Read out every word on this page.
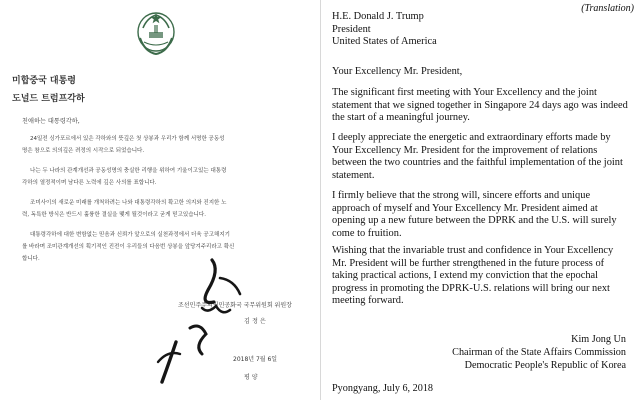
미합중국 대통령
도널드 트럼프각하
친애하는 대통령각하,
24일전 싱가포르에서 있은 각하와의 뜻깊은 첫 상봉과 우리가 함께 서명한 공동성
명은 참으로 의의깊은 려정의 시작으로 되었습니다.
나는 두 나라의 관계개선과 공동성명의 충실한 리행을 위하여 기울이고있는 대통령
각하의 열정적이며 남다른 노력에 깊은 사의를 표합니다.
조미사이의 새로운 미래를 개척하려는 나와 대통령각하의 확고한 의지와 진지한 노
력, 독특한 방식은 반드시 훌륭한 결실을 맺게 될것이라고 굳게 믿고있습니다.
대통령각하에 대한 변함없는 믿음과 신뢰가 앞으로의 실천과정에서 더욱 공고해지기
를 바라며 조미관계개선의 획기적인 진전이 우리들의 다음번 상봉을 앞당겨주리라고 확신
합니다.
조선민주주의인민공화국 국무위원회 위원장
김 정 은
2018년 7월 6일
평 양
(Translation)

H.E. Donald J. Trump

President

United States of America

Your Excellency Mr. President,
The significant first meeting with Your Excellency and the joint statement that we signed together in Singapore 24 days ago was indeed the start of a meaningful journey.
I deeply appreciate the energetic and extraordinary efforts made by Your Excellency Mr. President for the improvement of relations between the two countries and the faithful implementation of the joint statement.
I firmly believe that the strong will, sincere efforts and unique approach of myself and Your Excellency Mr. President aimed at opening up a new future between the DPRK and the U.S. will surely come to fruition.
Wishing that the invariable trust and confidence in Your Excellency Mr. President will be further strengthened in the future process of taking practical actions, I extend my conviction that the epochal progress in promoting the DPRK-U.S. relations will bring our next meeting forward.
Kim Jong Un
Chairman of the State Affairs Commission
Democratic People's Republic of Korea
Pyongyang, July 6, 2018
